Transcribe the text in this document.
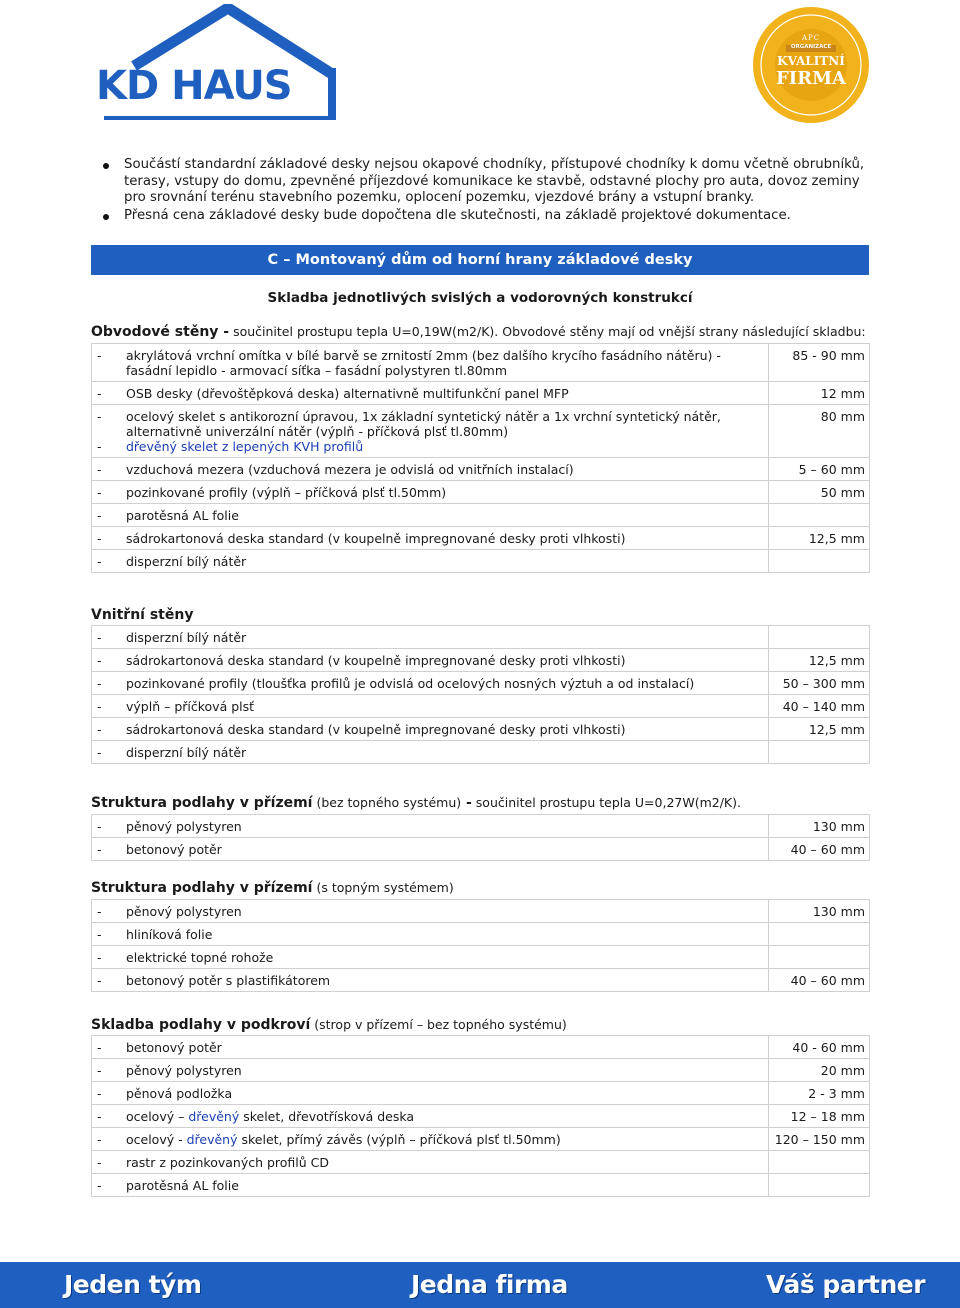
KD HAUS
APC
ORGANIZACE
KVALITNÍ
FIRMA
Součástí standardní základové desky nejsou okapové chodníky, přístupové chodníky k domu včetně obrubníků, terasy, vstupy do domu, zpevněné příjezdové komunikace ke stavbě, odstavné plochy pro auta, dovoz zeminy pro srovnání terénu stavebního pozemku, oplocení pozemku, vjezdové brány a vstupní branky.
Přesná cena základové desky bude dopočtena dle skutečnosti, na základě projektové dokumentace.
C – Montovaný dům od horní hrany základové desky
Skladba jednotlivých svislých a vodorovných konstrukcí
Obvodové stěny - součinitel prostupu tepla U=0,19W(m2/K). Obvodové stěny mají od vnější strany následující skladbu:
- akrylátová vrchní omítka v bílé barvě se zrnitostí 2mm (bez dalšího krycího fasádního nátěru) - fasádní lepidlo - armovací síťka – fasádní polystyren tl.80mm	85 - 90 mm

- OSB desky (dřevoštěpková deska) alternativně multifunkční panel MFP	12 mm

- ocelový skelet s antikorozní úpravou, 1x základní syntetický nátěr a 1x vrchní syntetický nátěr, alternativně univerzální nátěr (výplň - příčková plsť tl.80mm)
- dřevěný skelet z lepených KVH profilů	80 mm

- vzduchová mezera (vzduchová mezera je odvislá od vnitřních instalací)	5 – 60 mm

- pozinkované profily (výplň – příčková plsť tl.50mm)	50 mm

- parotěsná AL folie	

- sádrokartonová deska standard (v koupelně impregnované desky proti vlhkosti)	12,5 mm

- disperzní bílý nátěr	

Vnitřní stěny
- disperzní bílý nátěr	

- sádrokartonová deska standard (v koupelně impregnované desky proti vlhkosti)	12,5 mm

- pozinkované profily (tloušťka profilů je odvislá od ocelových nosných výztuh a od instalací)	50 – 300 mm

- výplň – příčková plsť	40 – 140 mm

- sádrokartonová deska standard (v koupelně impregnované desky proti vlhkosti)	12,5 mm

- disperzní bílý nátěr	

Struktura podlahy v přízemí (bez topného systému) - součinitel prostupu tepla U=0,27W(m2/K).
- pěnový polystyren	130 mm

- betonový potěr	40 – 60 mm
Struktura podlahy v přízemí (s topným systémem)
- pěnový polystyren	130 mm

- hliníková folie	

- elektrické topné rohože	

- betonový potěr s plastifikátorem	40 – 60 mm
Skladba podlahy v podkroví (strop v přízemí – bez topného systému)
- betonový potěr	40 - 60 mm

- pěnový polystyren	20 mm

- pěnová podložka	2 - 3 mm

- ocelový – dřevěný skelet, dřevotřísková deska	12 – 18 mm

- ocelový - dřevěný skelet, přímý závěs (výplň – příčková plsť tl.50mm)	120 – 150 mm

- rastr z pozinkovaných profilů CD	

- parotěsná AL folie	

Jeden tým	Jedna firma	Váš partner
